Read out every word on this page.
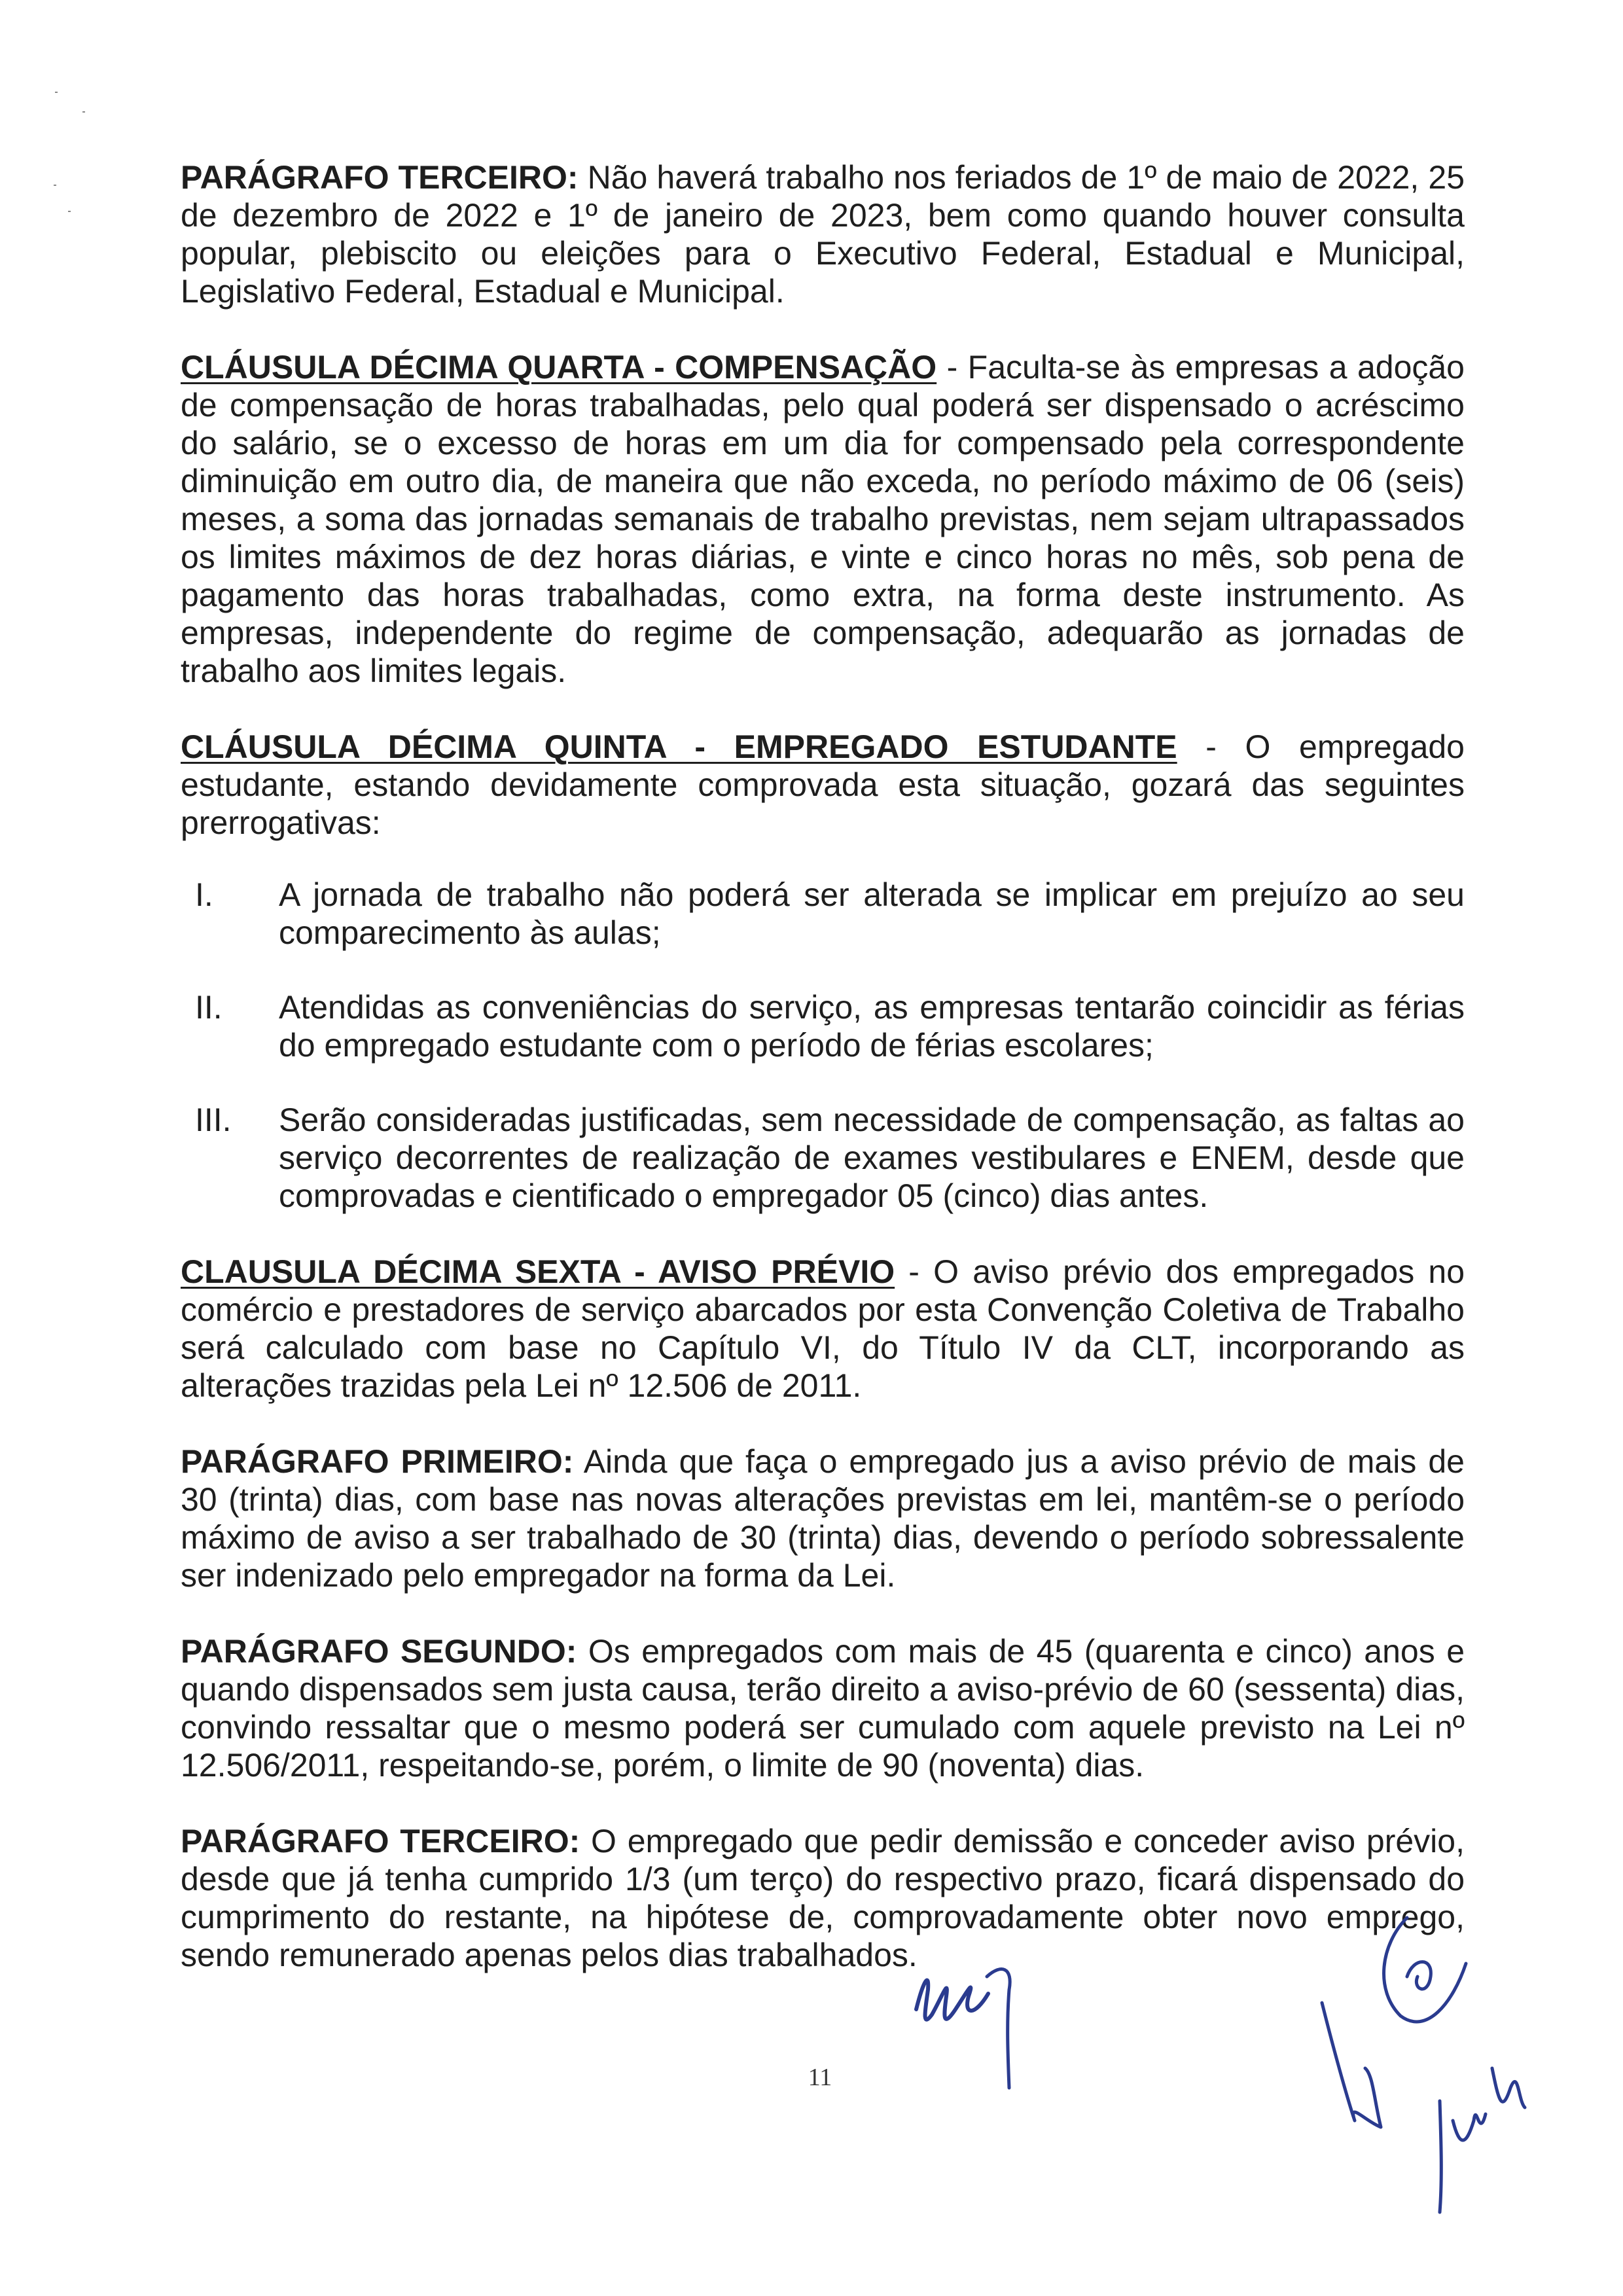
PARÁGRAFO TERCEIRO: Não haverá trabalho nos feriados de 1º de maio de 2022, 25 de dezembro de 2022 e 1º de janeiro de 2023, bem como quando houver consulta popular, plebiscito ou eleições para o Executivo Federal, Estadual e Municipal, Legislativo Federal, Estadual e Municipal.

CLÁUSULA DÉCIMA QUARTA - COMPENSAÇÃO - Faculta-se às empresas a adoção de compensação de horas trabalhadas, pelo qual poderá ser dispensado o acréscimo do salário, se o excesso de horas em um dia for compensado pela correspondente diminuição em outro dia, de maneira que não exceda, no período máximo de 06 (seis) meses, a soma das jornadas semanais de trabalho previstas, nem sejam ultrapassados os limites máximos de dez horas diárias, e vinte e cinco horas no mês, sob pena de pagamento das horas trabalhadas, como extra, na forma deste instrumento. As empresas, independente do regime de compensação, adequarão as jornadas de trabalho aos limites legais.

CLÁUSULA DÉCIMA QUINTA - EMPREGADO ESTUDANTE - O empregado estudante, estando devidamente comprovada esta situação, gozará das seguintes prerrogativas:

I.	A jornada de trabalho não poderá ser alterada se implicar em prejuízo ao seu comparecimento às aulas;
II.	Atendidas as conveniências do serviço, as empresas tentarão coincidir as férias do empregado estudante com o período de férias escolares;
III.	Serão consideradas justificadas, sem necessidade de compensação, as faltas ao serviço decorrentes de realização de exames vestibulares e ENEM, desde que comprovadas e cientificado o empregador 05 (cinco) dias antes.

CLAUSULA DÉCIMA SEXTA - AVISO PRÉVIO - O aviso prévio dos empregados no comércio e prestadores de serviço abarcados por esta Convenção Coletiva de Trabalho será calculado com base no Capítulo VI, do Título IV da CLT, incorporando as alterações trazidas pela Lei nº 12.506 de 2011.

PARÁGRAFO PRIMEIRO: Ainda que faça o empregado jus a aviso prévio de mais de 30 (trinta) dias, com base nas novas alterações previstas em lei, mantêm-se o período máximo de aviso a ser trabalhado de 30 (trinta) dias, devendo o período sobressalente ser indenizado pelo empregador na forma da Lei.

PARÁGRAFO SEGUNDO: Os empregados com mais de 45 (quarenta e cinco) anos e quando dispensados sem justa causa, terão direito a aviso-prévio de 60 (sessenta) dias, convindo ressaltar que o mesmo poderá ser cumulado com aquele previsto na Lei nº 12.506/2011, respeitando-se, porém, o limite de 90 (noventa) dias.

PARÁGRAFO TERCEIRO: O empregado que pedir demissão e conceder aviso prévio, desde que já tenha cumprido 1/3 (um terço) do respectivo prazo, ficará dispensado do cumprimento do restante, na hipótese de, comprovadamente obter novo emprego, sendo remunerado apenas pelos dias trabalhados.

11
